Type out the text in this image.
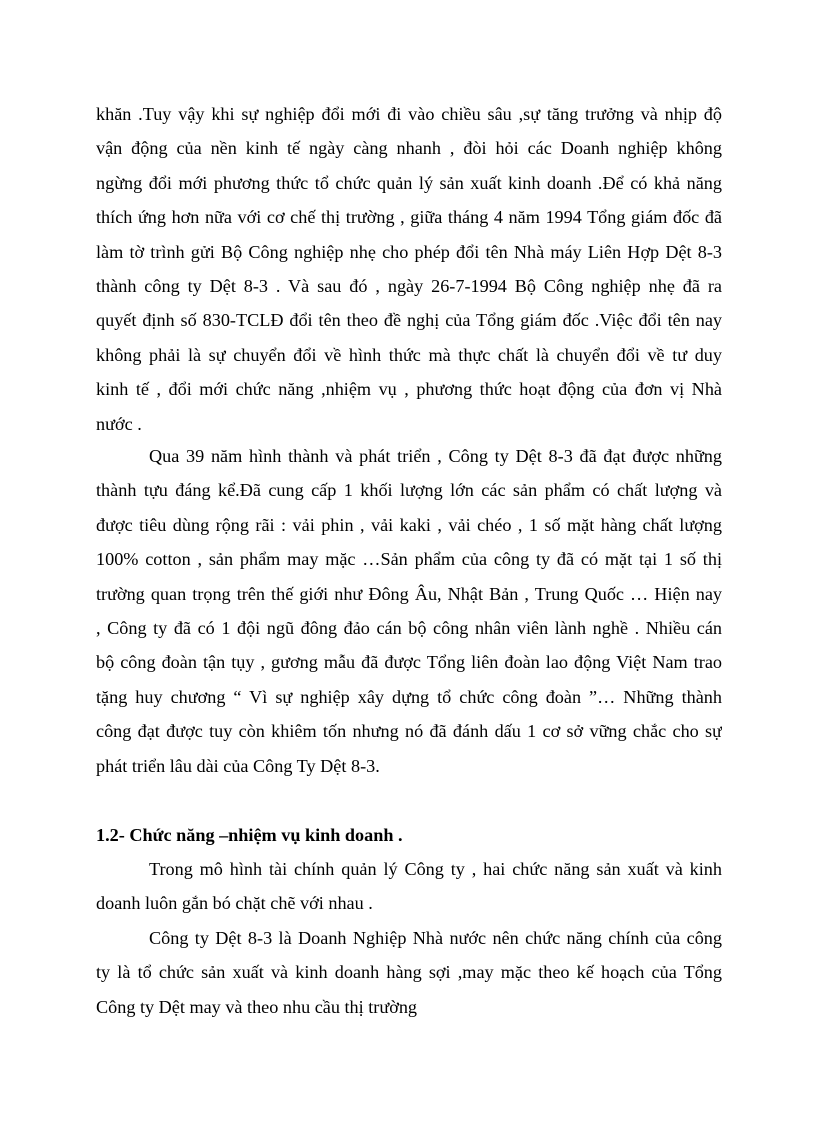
khăn .Tuy vậy khi sự nghiệp đổi mới đi vào chiều sâu ,sự tăng trưởng và nhịp độ
vận động của nền kinh tế ngày càng nhanh , đòi hỏi các Doanh nghiệp không
ngừng đổi mới phương thức tổ chức quản lý sản xuất kinh doanh .Để có khả năng
thích ứng hơn nữa với cơ chế thị trường , giữa tháng 4 năm 1994 Tổng giám đốc đã
làm tờ trình gửi Bộ Công nghiệp nhẹ cho phép đổi tên Nhà máy Liên Hợp Dệt 8-3
thành công ty Dệt 8-3 . Và sau đó , ngày 26-7-1994 Bộ Công nghiệp nhẹ đã ra
quyết định số 830-TCLĐ đổi tên theo đề nghị của Tổng giám đốc .Việc đổi tên nay
không phải là sự chuyển đổi về hình thức mà thực chất là chuyển đổi về tư duy
kinh tế , đổi mới chức năng ,nhiệm vụ , phương thức hoạt động của đơn vị Nhà
nước .
Qua 39 năm hình thành và phát triển , Công ty Dệt 8-3 đã đạt được những
thành tựu đáng kể.Đã cung cấp 1 khối lượng lớn các sản phẩm có chất lượng và
được tiêu dùng rộng rãi : vải phin , vải kaki , vải chéo , 1 số mặt hàng chất lượng
100% cotton , sản phẩm may mặc …Sản phẩm của công ty đã có mặt tại 1 số thị
trường quan trọng trên thế giới như Đông Âu, Nhật Bản , Trung Quốc … Hiện nay
, Công ty đã có 1 đội ngũ đông đảo cán bộ công nhân viên lành nghề . Nhiều cán
bộ công đoàn tận tụy , gương mẫu đã được Tổng liên đoàn lao động Việt Nam trao
tặng huy chương “ Vì sự nghiệp xây dựng tổ chức công đoàn ”… Những thành
công đạt được tuy còn khiêm tốn nhưng nó đã đánh dấu 1 cơ sở vững chắc cho sự
phát triển lâu dài của Công Ty Dệt 8-3.
1.2- Chức năng –nhiệm vụ kinh doanh .
Trong mô hình tài chính quản lý Công ty , hai chức năng sản xuất và kinh
doanh luôn gắn bó chặt chẽ với nhau .
Công ty Dệt 8-3 là Doanh Nghiệp Nhà nước nên chức năng chính của công
ty là tổ chức sản xuất và kinh doanh hàng sợi ,may mặc theo kế hoạch của Tổng
Công ty Dệt may và theo nhu cầu thị trường
